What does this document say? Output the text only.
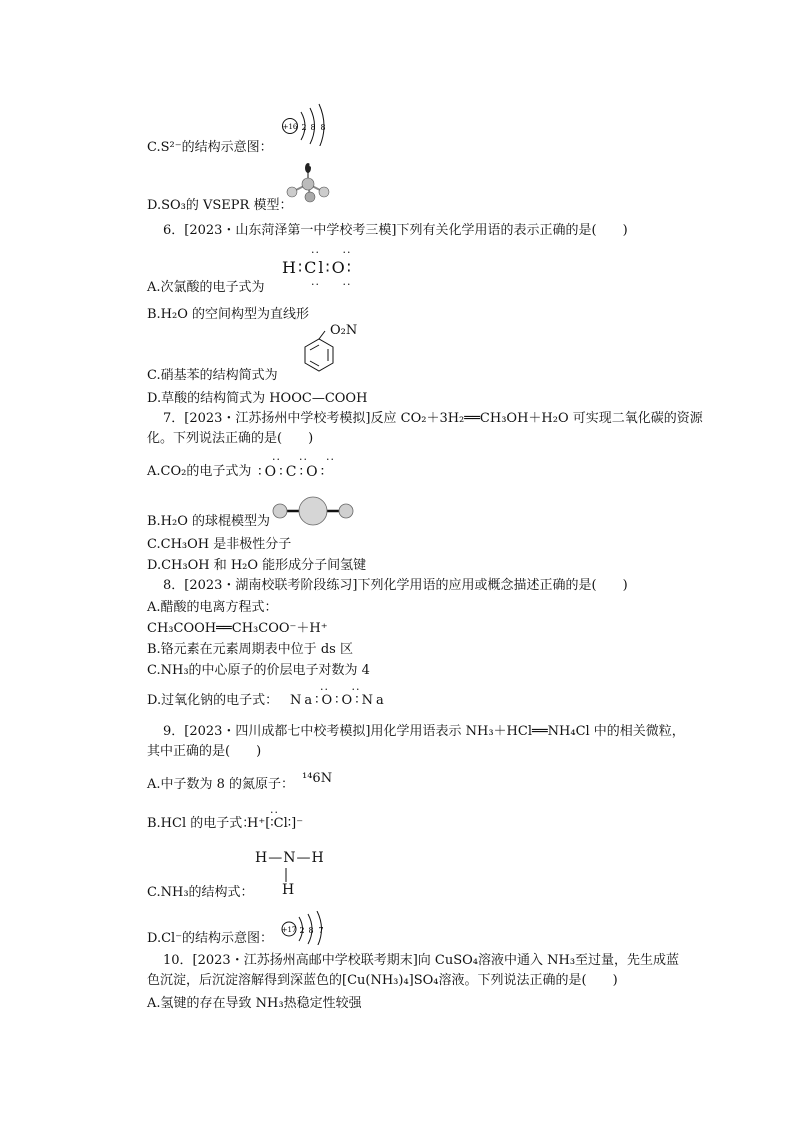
+16 2 8 8
C.S²⁻的结构示意图：
D.SO₃的 VSEPR 模型：
6．[2023・山东菏泽第一中学校考三模]下列有关化学用语的表示正确的是(　　)
··     ··
H∶Cl∶O∶
··     ··
A.次氯酸的电子式为
B.H₂O 的空间构型为直线形
O₂N
C.硝基苯的结构简式为
D.草酸的结构简式为 HOOC—COOH
7．[2023・江苏扬州中学校考模拟]反应 CO₂＋3H₂══CH₃OH＋H₂O 可实现二氧化碳的资源
化。下列说法正确的是(　　)
··    ··    ··
∶O∶C∶O∶
A.CO₂的电子式为
B.H₂O 的球棍模型为
C.CH₃OH 是非极性分子
D.CH₃OH 和 H₂O 能形成分子间氢键
8．[2023・湖南校联考阶段练习]下列化学用语的应用或概念描述正确的是(　　)
A.醋酸的电离方程式：
CH₃COOH══CH₃COO⁻＋H⁺
B.铬元素在元素周期表中位于 ds 区
C.NH₃的中心原子的价层电子对数为 4
··     ··
Na∶O∶O∶Na
D.过氧化钠的电子式：
9．[2023・四川成都七中校考模拟]用化学用语表示 NH₃＋HCl══NH₄Cl 中的相关微粒，
其中正确的是(　　)
A.中子数为 8 的氮原子： ¹⁴6N
··
H⁺[∶Cl∶]⁻
B.HCl 的电子式：
H—N—H
H
C.NH₃的结构式：
+17 2 8 7
D.Cl⁻的结构示意图：
10．[2023・江苏扬州高邮中学校联考期末]向 CuSO₄溶液中通入 NH₃至过量，先生成蓝
色沉淀，后沉淀溶解得到深蓝色的[Cu(NH₃)₄]SO₄溶液。下列说法正确的是(　　)
A.氢键的存在导致 NH₃热稳定性较强
